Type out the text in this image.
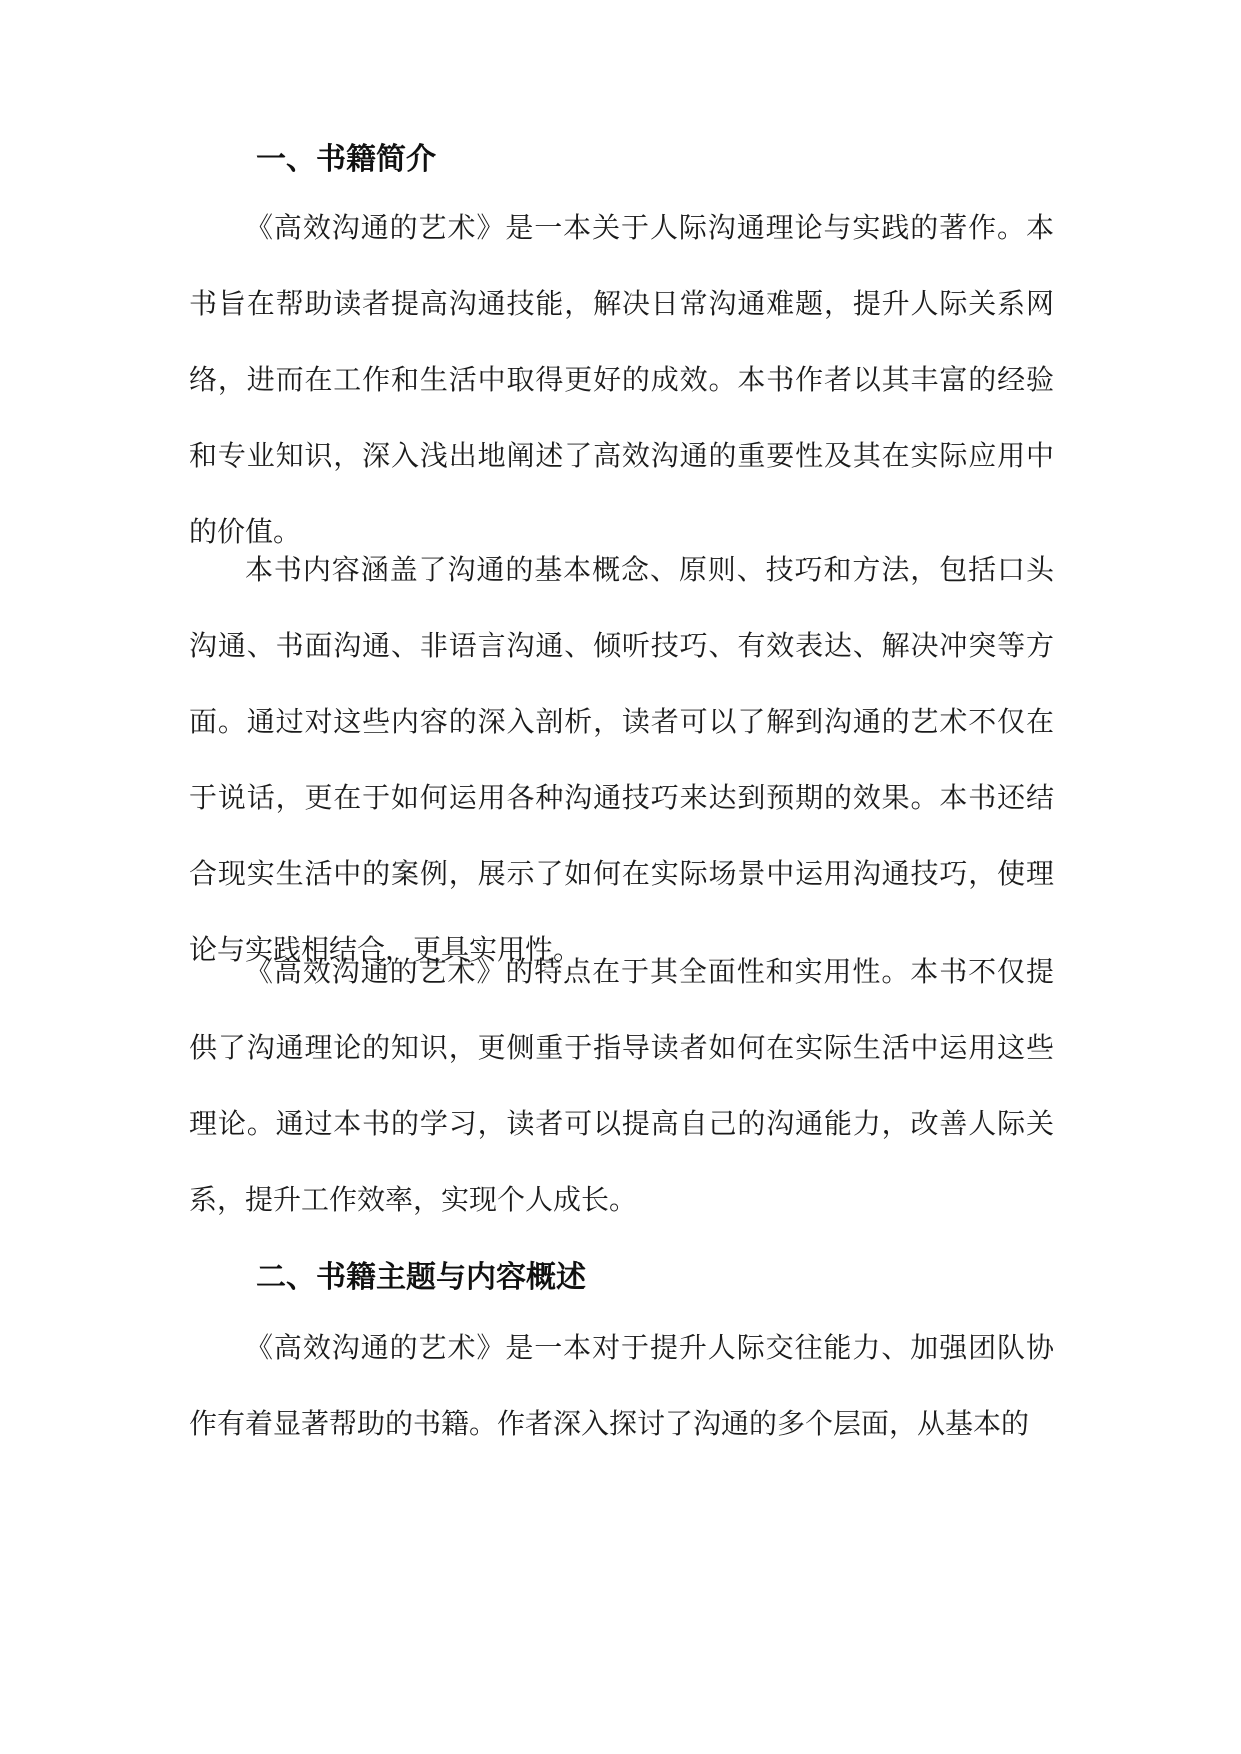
一、书籍简介

《高效沟通的艺术》是一本关于人际沟通理论与实践的著作。本书旨在帮助读者提高沟通技能，解决日常沟通难题，提升人际关系网络，进而在工作和生活中取得更好的成效。本书作者以其丰富的经验和专业知识，深入浅出地阐述了高效沟通的重要性及其在实际应用中的价值。

本书内容涵盖了沟通的基本概念、原则、技巧和方法，包括口头沟通、书面沟通、非语言沟通、倾听技巧、有效表达、解决冲突等方面。通过对这些内容的深入剖析，读者可以了解到沟通的艺术不仅在于说话，更在于如何运用各种沟通技巧来达到预期的效果。本书还结合现实生活中的案例，展示了如何在实际场景中运用沟通技巧，使理论与实践相结合，更具实用性。

《高效沟通的艺术》的特点在于其全面性和实用性。本书不仅提供了沟通理论的知识，更侧重于指导读者如何在实际生活中运用这些理论。通过本书的学习，读者可以提高自己的沟通能力，改善人际关系，提升工作效率，实现个人成长。

二、书籍主题与内容概述

《高效沟通的艺术》是一本对于提升人际交往能力、加强团队协作有着显著帮助的书籍。作者深入探讨了沟通的多个层面，从基本的
